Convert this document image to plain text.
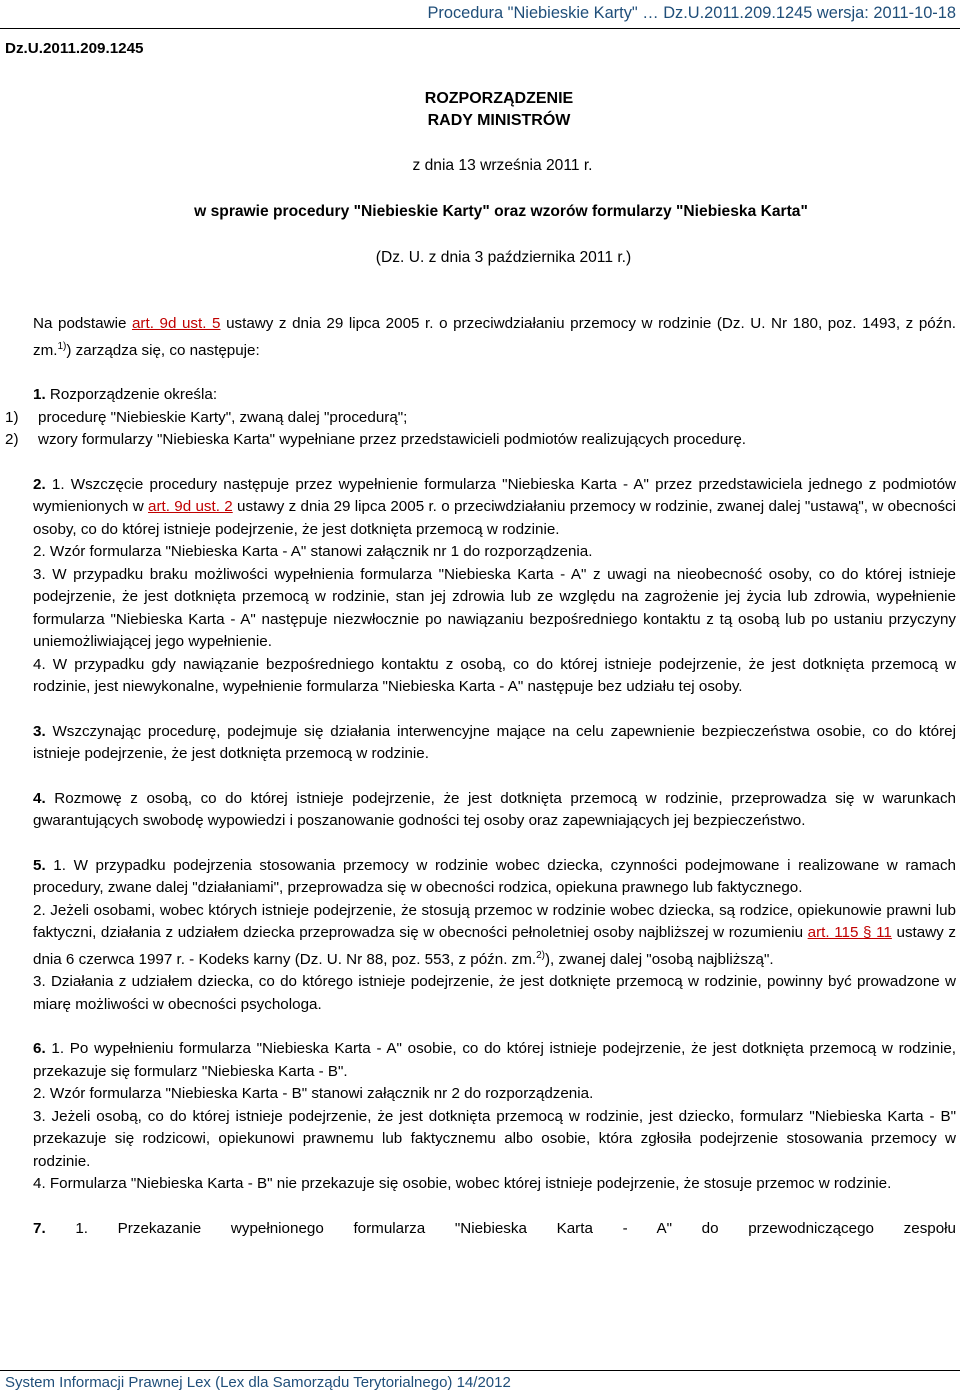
Procedura "Niebieskie Karty" … Dz.U.2011.209.1245 wersja: 2011-10-18
Dz.U.2011.209.1245
ROZPORZĄDZENIE
RADY MINISTRÓW
z dnia 13 września 2011 r.
w sprawie procedury "Niebieskie Karty" oraz wzorów formularzy "Niebieska Karta"
(Dz. U. z dnia 3 października 2011 r.)

Na podstawie art. 9d ust. 5 ustawy z dnia 29 lipca 2005 r. o przeciwdziałaniu przemocy w rodzinie (Dz. U. Nr 180, poz. 1493, z późn. zm.$^{1)}$) zarządza się, co następuje:

1. Rozporządzenie określa:

1) procedurę "Niebieskie Karty", zwaną dalej "procedurą";

2) wzory formularzy "Niebieska Karta" wypełniane przez przedstawicieli podmiotów realizujących procedurę.

2. 1. Wszczęcie procedury następuje przez wypełnienie formularza "Niebieska Karta - A" przez przedstawiciela jednego z podmiotów wymienionych w art. 9d ust. 2 ustawy z dnia 29 lipca 2005 r. o przeciwdziałaniu przemocy w rodzinie, zwanej dalej "ustawą", w obecności osoby, co do której istnieje podejrzenie, że jest dotknięta przemocą w rodzinie.

2. Wzór formularza "Niebieska Karta - A" stanowi załącznik nr 1 do rozporządzenia.

3. W przypadku braku możliwości wypełnienia formularza "Niebieska Karta - A" z uwagi na nieobecność osoby, co do której istnieje podejrzenie, że jest dotknięta przemocą w rodzinie, stan jej zdrowia lub ze względu na zagrożenie jej życia lub zdrowia, wypełnienie formularza "Niebieska Karta - A" następuje niezwłocznie po nawiązaniu bezpośredniego kontaktu z tą osobą lub po ustaniu przyczyny uniemożliwiającej jego wypełnienie.

4. W przypadku gdy nawiązanie bezpośredniego kontaktu z osobą, co do której istnieje podejrzenie, że jest dotknięta przemocą w rodzinie, jest niewykonalne, wypełnienie formularza "Niebieska Karta - A" następuje bez udziału tej osoby.

3. Wszczynając procedurę, podejmuje się działania interwencyjne mające na celu zapewnienie bezpieczeństwa osobie, co do której istnieje podejrzenie, że jest dotknięta przemocą w rodzinie.

4. Rozmowę z osobą, co do której istnieje podejrzenie, że jest dotknięta przemocą w rodzinie, przeprowadza się w warunkach gwarantujących swobodę wypowiedzi i poszanowanie godności tej osoby oraz zapewniających jej bezpieczeństwo.

5. 1. W przypadku podejrzenia stosowania przemocy w rodzinie wobec dziecka, czynności podejmowane i realizowane w ramach procedury, zwane dalej "działaniami", przeprowadza się w obecności rodzica, opiekuna prawnego lub faktycznego.

2. Jeżeli osobami, wobec których istnieje podejrzenie, że stosują przemoc w rodzinie wobec dziecka, są rodzice, opiekunowie prawni lub faktyczni, działania z udziałem dziecka przeprowadza się w obecności pełnoletniej osoby najbliższej w rozumieniu art. 115 § 11 ustawy z dnia 6 czerwca 1997 r. - Kodeks karny (Dz. U. Nr 88, poz. 553, z późn. zm.$^{2)}$), zwanej dalej "osobą najbliższą".

3. Działania z udziałem dziecka, co do którego istnieje podejrzenie, że jest dotknięte przemocą w rodzinie, powinny być prowadzone w miarę możliwości w obecności psychologa.

6. 1. Po wypełnieniu formularza "Niebieska Karta - A" osobie, co do której istnieje podejrzenie, że jest dotknięta przemocą w rodzinie, przekazuje się formularz "Niebieska Karta - B".

2. Wzór formularza "Niebieska Karta - B" stanowi załącznik nr 2 do rozporządzenia.

3. Jeżeli osobą, co do której istnieje podejrzenie, że jest dotknięta przemocą w rodzinie, jest dziecko, formularz "Niebieska Karta - B" przekazuje się rodzicowi, opiekunowi prawnemu lub faktycznemu albo osobie, która zgłosiła podejrzenie stosowania przemocy w rodzinie.

4. Formularza "Niebieska Karta - B" nie przekazuje się osobie, wobec której istnieje podejrzenie, że stosuje przemoc w rodzinie.

7. 1. Przekazanie wypełnionego formularza "Niebieska Karta - A" do przewodniczącego zespołu

System Informacji Prawnej Lex (Lex dla Samorządu Terytorialnego) 14/2012
